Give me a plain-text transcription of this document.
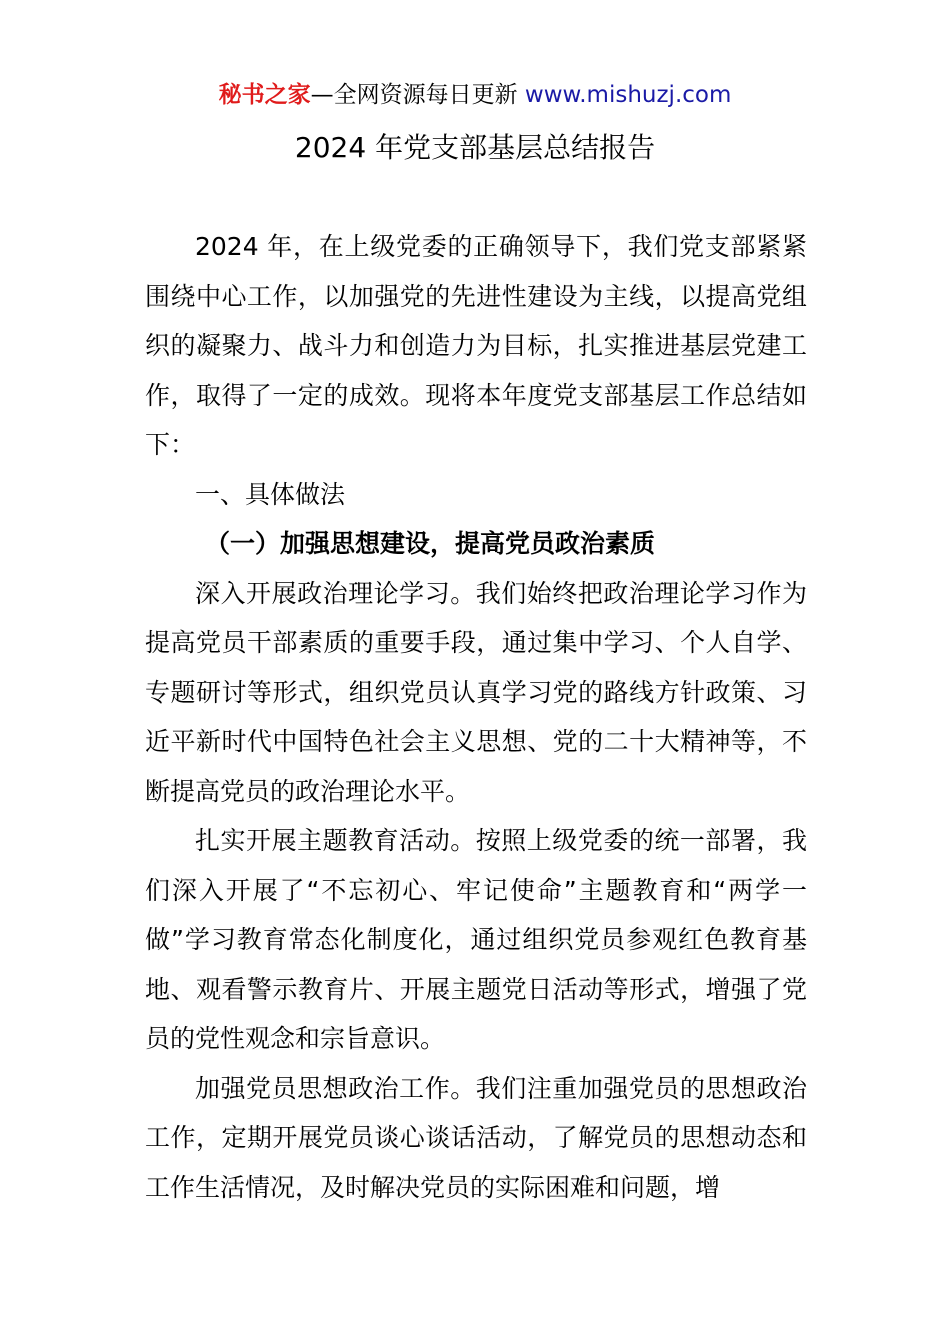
秘书之家—全网资源每日更新 www.mishuzj.com
2024 年党支部基层总结报告

2024 年，在上级党委的正确领导下，我们党支部紧紧围绕中心工作，以加强党的先进性建设为主线，以提高党组织的凝聚力、战斗力和创造力为目标，扎实推进基层党建工作，取得了一定的成效。现将本年度党支部基层工作总结如下：

一、具体做法

（一）加强思想建设，提高党员政治素质

深入开展政治理论学习。我们始终把政治理论学习作为提高党员干部素质的重要手段，通过集中学习、个人自学、专题研讨等形式，组织党员认真学习党的路线方针政策、习近平新时代中国特色社会主义思想、党的二十大精神等，不断提高党员的政治理论水平。

扎实开展主题教育活动。按照上级党委的统一部署，我们深入开展了“不忘初心、牢记使命”主题教育和“两学一做”学习教育常态化制度化，通过组织党员参观红色教育基地、观看警示教育片、开展主题党日活动等形式，增强了党员的党性观念和宗旨意识。

加强党员思想政治工作。我们注重加强党员的思想政治工作，定期开展党员谈心谈话活动，了解党员的思想动态和工作生活情况，及时解决党员的实际困难和问题，增
